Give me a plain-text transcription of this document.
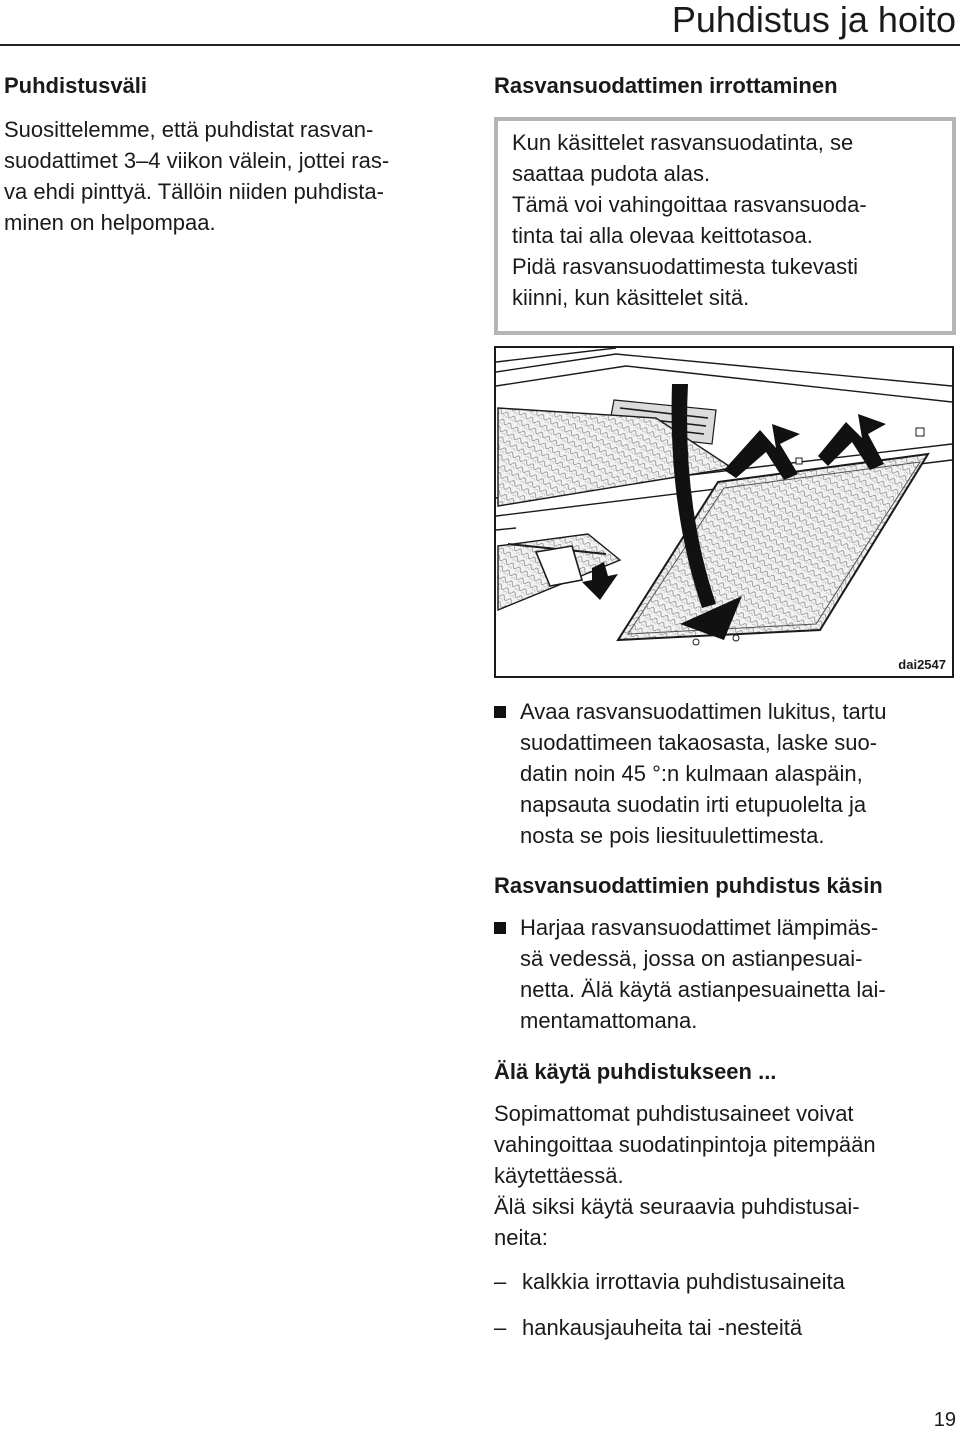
Puhdistus ja hoito

Puhdistusväli

Suosittelemme, että puhdistat rasvan-

suodattimet 3–4 viikon välein, jottei ras-

va ehdi pinttyä. Tällöin niiden puhdista-

minen on helpompaa.

Rasvansuodattimen irrottaminen

Kun käsittelet rasvansuodatinta, se

saattaa pudota alas.

Tämä voi vahingoittaa rasvansuoda-

tinta tai alla olevaa keittotasoa.

Pidä rasvansuodattimesta tukevasti

kiinni, kun käsittelet sitä.

dai2547
Avaa rasvansuodattimen lukitus, tartu
suodattimeen takaosasta, laske suo-
datin noin 45 °:n kulmaan alaspäin,
napsauta suodatin irti etupuolelta ja
nosta se pois liesituulettimesta.
Rasvansuodattimien puhdistus käsin
Harjaa rasvansuodattimet lämpimäs-
sä vedessä, jossa on astianpesuai-
netta. Älä käytä astianpesuainetta lai-
mentamattomana.
Älä käytä puhdistukseen ...
Sopimattomat puhdistusaineet voivat
vahingoittaa suodatinpintoja pitempään
käytettäessä.
Älä siksi käytä seuraavia puhdistusai-
neita:
– kalkkia irrottavia puhdistusaineita
– hankausjauheita tai -nesteitä
19
